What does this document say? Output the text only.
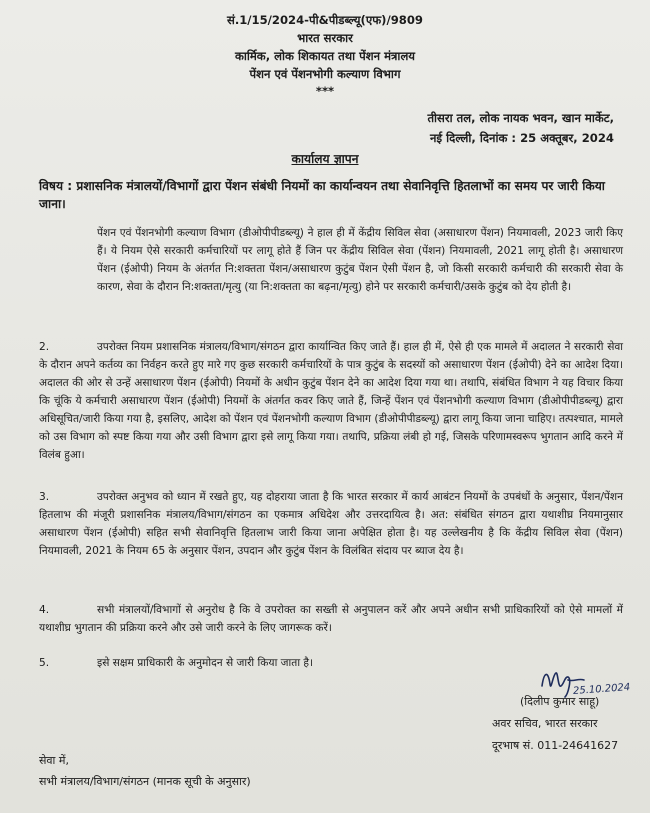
सं.1/15/2024-पी&पीडब्ल्यू(एफ)/9809
भारत सरकार
कार्मिक, लोक शिकायत तथा पेंशन मंत्रालय
पेंशन एवं पेंशनभोगी कल्याण विभाग
***
तीसरा तल, लोक नायक भवन, खान मार्केट,
नई दिल्ली, दिनांक : 25 अक्तूबर, 2024
कार्यालय ज्ञापन
विषय : प्रशासनिक मंत्रालयों/विभागों द्वारा पेंशन संबंधी नियमों का कार्यान्वयन तथा सेवानिवृत्ति हितलाभों का समय पर जारी किया जाना।
पेंशन एवं पेंशनभोगी कल्याण विभाग (डीओपीपीडब्ल्यू) ने हाल ही में केंद्रीय सिविल सेवा (असाधारण पेंशन) नियमावली, 2023 जारी किए हैं। ये नियम ऐसे सरकारी कर्मचारियों पर लागू होते हैं जिन पर केंद्रीय सिविल सेवा (पेंशन) नियमावली, 2021 लागू होती है। असाधारण पेंशन (ईओपी) नियम के अंतर्गत नि:शक्तता पेंशन/असाधारण कुटुंब पेंशन ऐसी पेंशन है, जो किसी सरकारी कर्मचारी की सरकारी सेवा के कारण, सेवा के दौरान नि:शक्तता/मृत्यु (या नि:शक्तता का बढ़ना/मृत्यु) होने पर सरकारी कर्मचारी/उसके कुटुंब को देय होती है।
2.	उपरोक्त नियम प्रशासनिक मंत्रालय/विभाग/संगठन द्वारा कार्यान्वित किए जाते हैं। हाल ही में, ऐसे ही एक मामले में अदालत ने सरकारी सेवा के दौरान अपने कर्तव्य का निर्वहन करते हुए मारे गए कुछ सरकारी कर्मचारियों के पात्र कुटुंब के सदस्यों को असाधारण पेंशन (ईओपी) देने का आदेश दिया। अदालत की ओर से उन्हें असाधारण पेंशन (ईओपी) नियमों के अधीन कुटुंब पेंशन देने का आदेश दिया गया था। तथापि, संबंधित विभाग ने यह विचार किया कि चूंकि ये कर्मचारी असाधारण पेंशन (ईओपी) नियमों के अंतर्गत कवर किए जाते हैं, जिन्हें पेंशन एवं पेंशनभोगी कल्याण विभाग (डीओपीपीडब्ल्यू) द्वारा अधिसूचित/जारी किया गया है, इसलिए, आदेश को पेंशन एवं पेंशनभोगी कल्याण विभाग (डीओपीपीडब्ल्यू) द्वारा लागू किया जाना चाहिए। तत्पश्चात, मामले को उस विभाग को स्पष्ट किया गया और उसी विभाग द्वारा इसे लागू किया गया। तथापि, प्रक्रिया लंबी हो गई, जिसके परिणामस्वरूप भुगतान आदि करने में विलंब हुआ।
3.	उपरोक्त अनुभव को ध्यान में रखते हुए, यह दोहराया जाता है कि भारत सरकार में कार्य आबंटन नियमों के उपबंधों के अनुसार, पेंशन/पेंशन हितलाभ की मंजूरी प्रशासनिक मंत्रालय/विभाग/संगठन का एकमात्र अधिदेश और उत्तरदायित्व है। अत: संबंधित संगठन द्वारा यथाशीघ्र नियमानुसार असाधारण पेंशन (ईओपी) सहित सभी सेवानिवृत्ति हितलाभ जारी किया जाना अपेक्षित होता है। यह उल्लेखनीय है कि केंद्रीय सिविल सेवा (पेंशन) नियमावली, 2021 के नियम 65 के अनुसार पेंशन, उपदान और कुटुंब पेंशन के विलंबित संदाय पर ब्याज देय है।
4.	सभी मंत्रालयों/विभागों से अनुरोध है कि वे उपरोक्त का सख्ती से अनुपालन करें और अपने अधीन सभी प्राधिकारियों को ऐसे मामलों में यथाशीघ्र भुगतान की प्रक्रिया करने और उसे जारी करने के लिए जागरूक करें।
5.	इसे सक्षम प्राधिकारी के अनुमोदन से जारी किया जाता है।
25.10.2024
(दिलीप कुमार साहू)
अवर सचिव, भारत सरकार
दूरभाष सं. 011-24641627
सेवा में,
सभी मंत्रालय/विभाग/संगठन (मानक सूची के अनुसार)
